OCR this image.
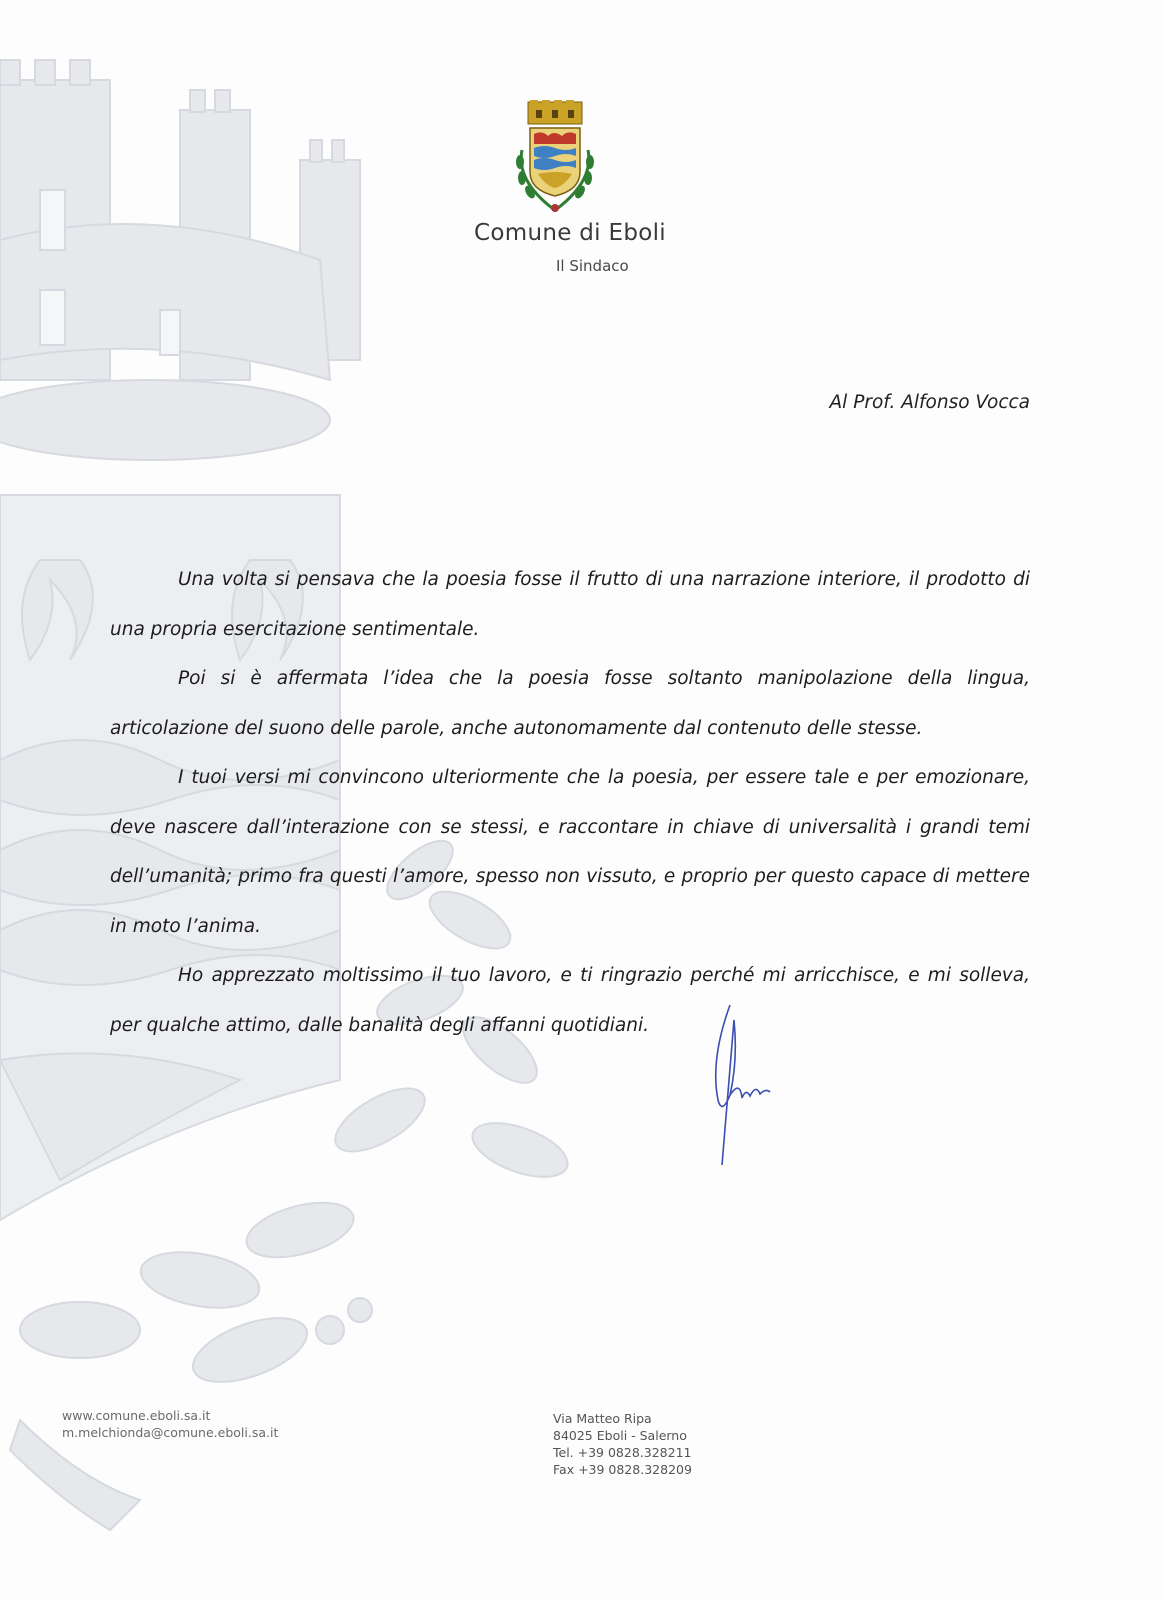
Comune di Eboli
Il Sindaco
Al Prof. Alfonso Vocca

Una volta si pensava che la poesia fosse il frutto di una narrazione interiore, il prodotto di una propria esercitazione sentimentale.

Poi si è affermata l’idea che la poesia fosse soltanto manipolazione della lingua, articolazione del suono delle parole, anche autonomamente dal contenuto delle stesse.

I tuoi versi mi convincono ulteriormente che la poesia, per essere tale e per emozionare, deve nascere dall’interazione con se stessi, e raccontare in chiave di universalità i grandi temi dell’umanità; primo fra questi l’amore, spesso non vissuto, e proprio per questo capace di mettere in moto l’anima.

Ho apprezzato moltissimo il tuo lavoro, e ti ringrazio perché mi arricchisce, e mi solleva, per qualche attimo, dalle banalità degli affanni quotidiani.

www.comune.eboli.sa.it
m.melchionda@comune.eboli.sa.it
Via Matteo Ripa
84025 Eboli - Salerno
Tel. +39 0828.328211
Fax +39 0828.328209
